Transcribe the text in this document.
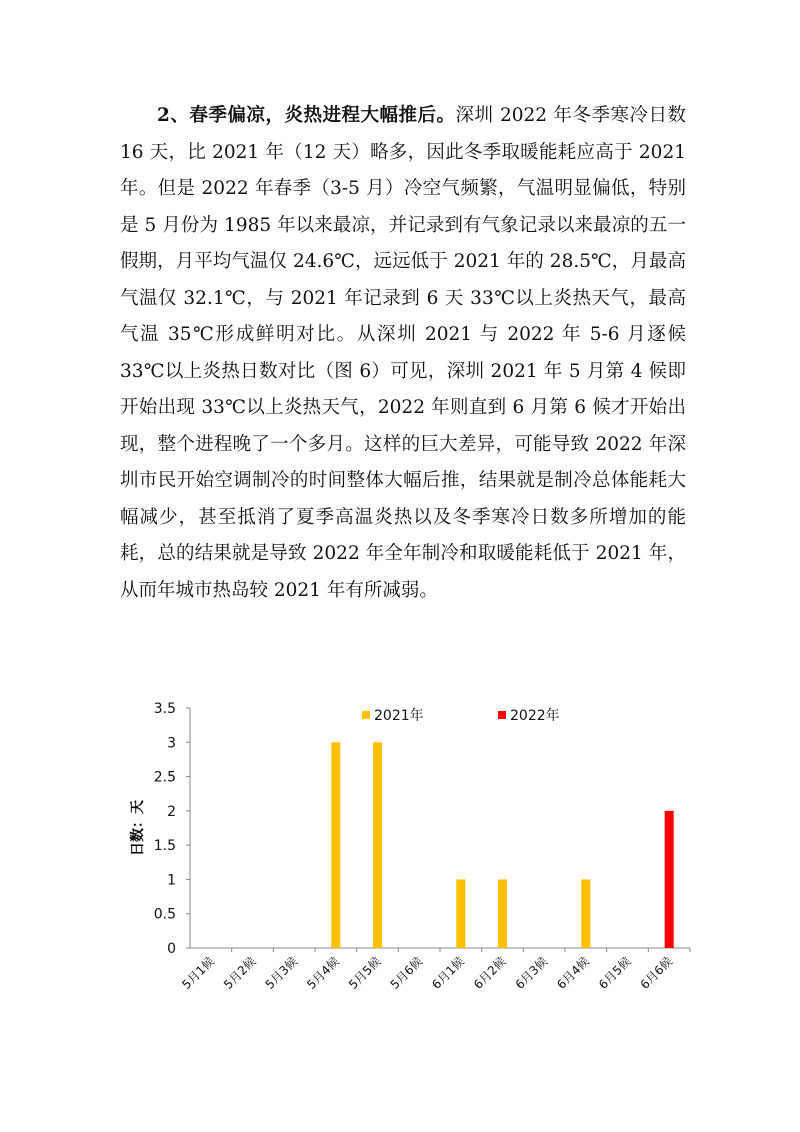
2、春季偏凉，炎热进程大幅推后。深圳 2022 年冬季寒冷日数 16 天，比 2021 年（12 天）略多，因此冬季取暖能耗应高于 2021 年。但是 2022 年春季（3-5 月）冷空气频繁，气温明显偏低，特别是 5 月份为 1985 年以来最凉，并记录到有气象记录以来最凉的五一假期，月平均气温仅 24.6℃，远远低于 2021 年的 28.5℃，月最高气温仅 32.1℃，与 2021 年记录到 6 天 33℃以上炎热天气，最高气温 35℃形成鲜明对比。从深圳 2021 与 2022 年 5-6 月逐候 33℃以上炎热日数对比（图 6）可见，深圳 2021 年 5 月第 4 候即开始出现 33℃以上炎热天气，2022 年则直到 6 月第 6 候才开始出现，整个进程晚了一个多月。这样的巨大差异，可能导致 2022 年深圳市民开始空调制冷的时间整体大幅后推，结果就是制冷总体能耗大幅减少，甚至抵消了夏季高温炎热以及冬季寒冷日数多所增加的能耗，总的结果就是导致 2022 年全年制冷和取暖能耗低于 2021 年，从而年城市热岛较 2021 年有所减弱。

日数：天
0
0.5
1
1.5
2
2.5
3
3.5
5月1候 5月2候 5月3候 5月4候 5月5候 5月6候 6月1候 6月2候 6月3候 6月4候 6月5候 6月6候
2021年	2022年
